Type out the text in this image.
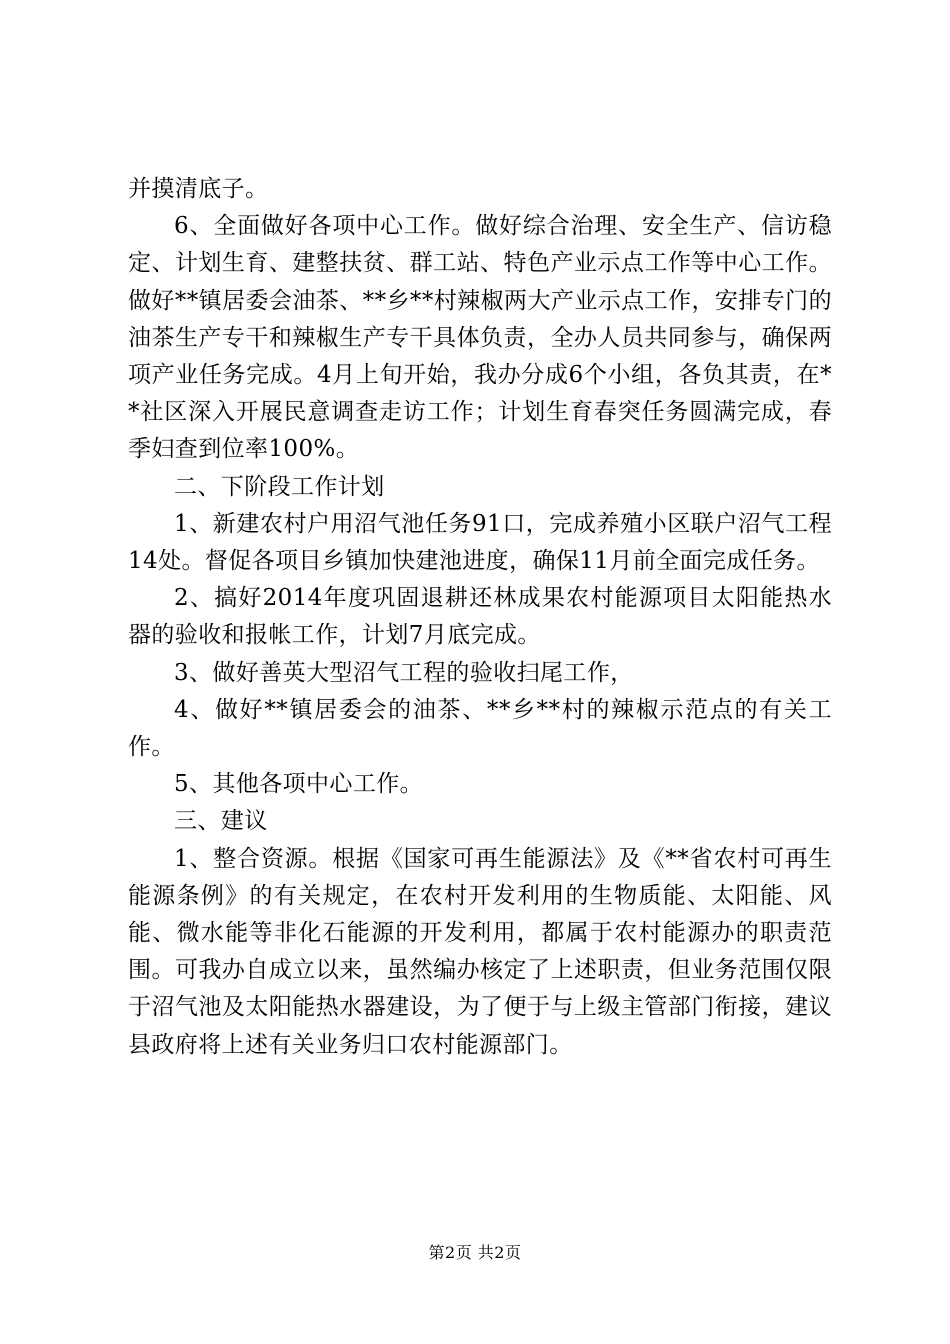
并摸清底子。

6、全面做好各项中心工作。做好综合治理、安全生产、信访稳定、计划生育、建整扶贫、群工站、特色产业示点工作等中心工作。做好**镇居委会油茶、**乡**村辣椒两大产业示点工作，安排专门的油茶生产专干和辣椒生产专干具体负责，全办人员共同参与，确保两项产业任务完成。4月上旬开始，我办分成6个小组，各负其责，在**社区深入开展民意调查走访工作；计划生育春突任务圆满完成，春季妇查到位率100%。

二、下阶段工作计划

1、新建农村户用沼气池任务91口，完成养殖小区联户沼气工程14处。督促各项目乡镇加快建池进度，确保11月前全面完成任务。

2、搞好2014年度巩固退耕还林成果农村能源项目太阳能热水器的验收和报帐工作，计划7月底完成。

3、做好善英大型沼气工程的验收扫尾工作，

4、做好**镇居委会的油茶、**乡**村的辣椒示范点的有关工作。

5、其他各项中心工作。

三、建议

1、整合资源。根据《国家可再生能源法》及《**省农村可再生能源条例》的有关规定，在农村开发利用的生物质能、太阳能、风能、微水能等非化石能源的开发利用，都属于农村能源办的职责范围。可我办自成立以来，虽然编办核定了上述职责，但业务范围仅限于沼气池及太阳能热水器建设，为了便于与上级主管部门衔接，建议县政府将上述有关业务归口农村能源部门。

第2页 共2页
